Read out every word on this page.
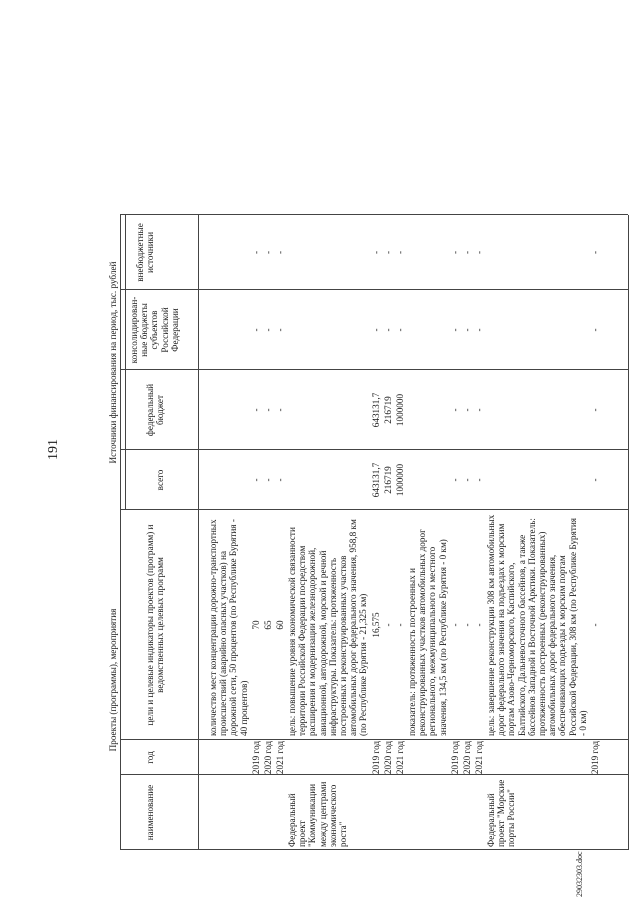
191
29032303.doc
Проекты (программы), мероприятия
Источники финансирования на период, тыс. рублей
наименование
год
цели и целевые индикаторы проектов (программ) и ведомственных целевых программ
всего
федеральный бюджет
консолидирован-ные бюджеты субъектов Российской Федерации
внебюджетные источники
количество мест концентрации дорожно-транспортных происшествий (аварийно опасных участков) на дорожной сети, 50 процентов (по Республике Бурятия - 40 процентов)
2019 год
70
-
-
-
-
2020 год
65
-
-
-
-
2021 год
60
-
-
-
-
цель: повышение уровня экономической связанности территории Российской Федерации посредством расширения и модернизации железнодорожной, авиационной, автодорожной, морской и речной инфраструктуры. Показатель: протяженность построенных и реконструированных участков автомобильных дорог федерального значения, 958,8 км (по Республике Бурятия - 21,325 км)
Федеральный проект "Коммуникации между центрами экономического роста"
2019 год
16,575
643131,7
643131,7
-
-
2020 год
-
216719
216719
-
-
2021 год
-
1000000
1000000
-
-
показатель: протяженность построенных и реконструированных участков автомобильных дорог регионального, межмуниципального и местного значения, 134,5 км (по Республике Бурятия - 0 км)
2019 год
-
-
-
-
-
2020 год
-
-
-
-
-
2021 год
-
-
-
-
-
цель: завершение реконструкции 308 км автомобильных дорог федерального значения на подъездах к морским портам Азово-Черноморского, Каспийского, Балтийского, Дальневосточного бассейнов, а также бассейнов Западной и Восточной Арктики. Показатель: протяженность построенных (реконструированных) автомобильных дорог федерального значения, обеспечивающих подъезды к морским портам Российской Федерации, 308 км (по Республике Бурятия - 0 км)
Федеральный проект "Морские порты России"
2019 год
-
-
-
-
-
